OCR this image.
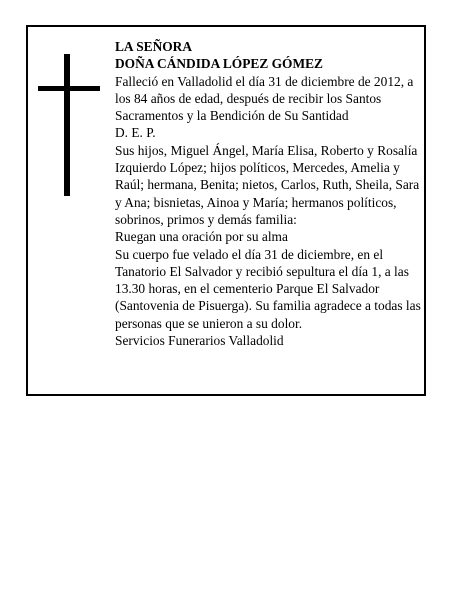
LA SEÑORA

DOÑA CÁNDIDA LÓPEZ GÓMEZ

Falleció en Valladolid el día 31 de diciembre de 2012, a los 84 años de edad, después de recibir los Santos Sacramentos y la Bendición de Su Santidad

D. E. P.

Sus hijos, Miguel Ángel, María Elisa, Roberto y Rosalía Izquierdo López; hijos políticos, Mercedes, Amelia y Raúl; hermana, Benita; nietos, Carlos, Ruth, Sheila, Sara y Ana; bisnietas, Ainoa y María; hermanos políticos, sobrinos, primos y demás familia:

Ruegan una oración por su alma

Su cuerpo fue velado el día 31 de diciembre, en el Tanatorio El Salvador y recibió sepultura el día 1, a las 13.30 horas, en el cementerio Parque El Salvador (Santovenia de Pisuerga). Su familia agradece a todas las personas que se unieron a su dolor.

Servicios Funerarios Valladolid
